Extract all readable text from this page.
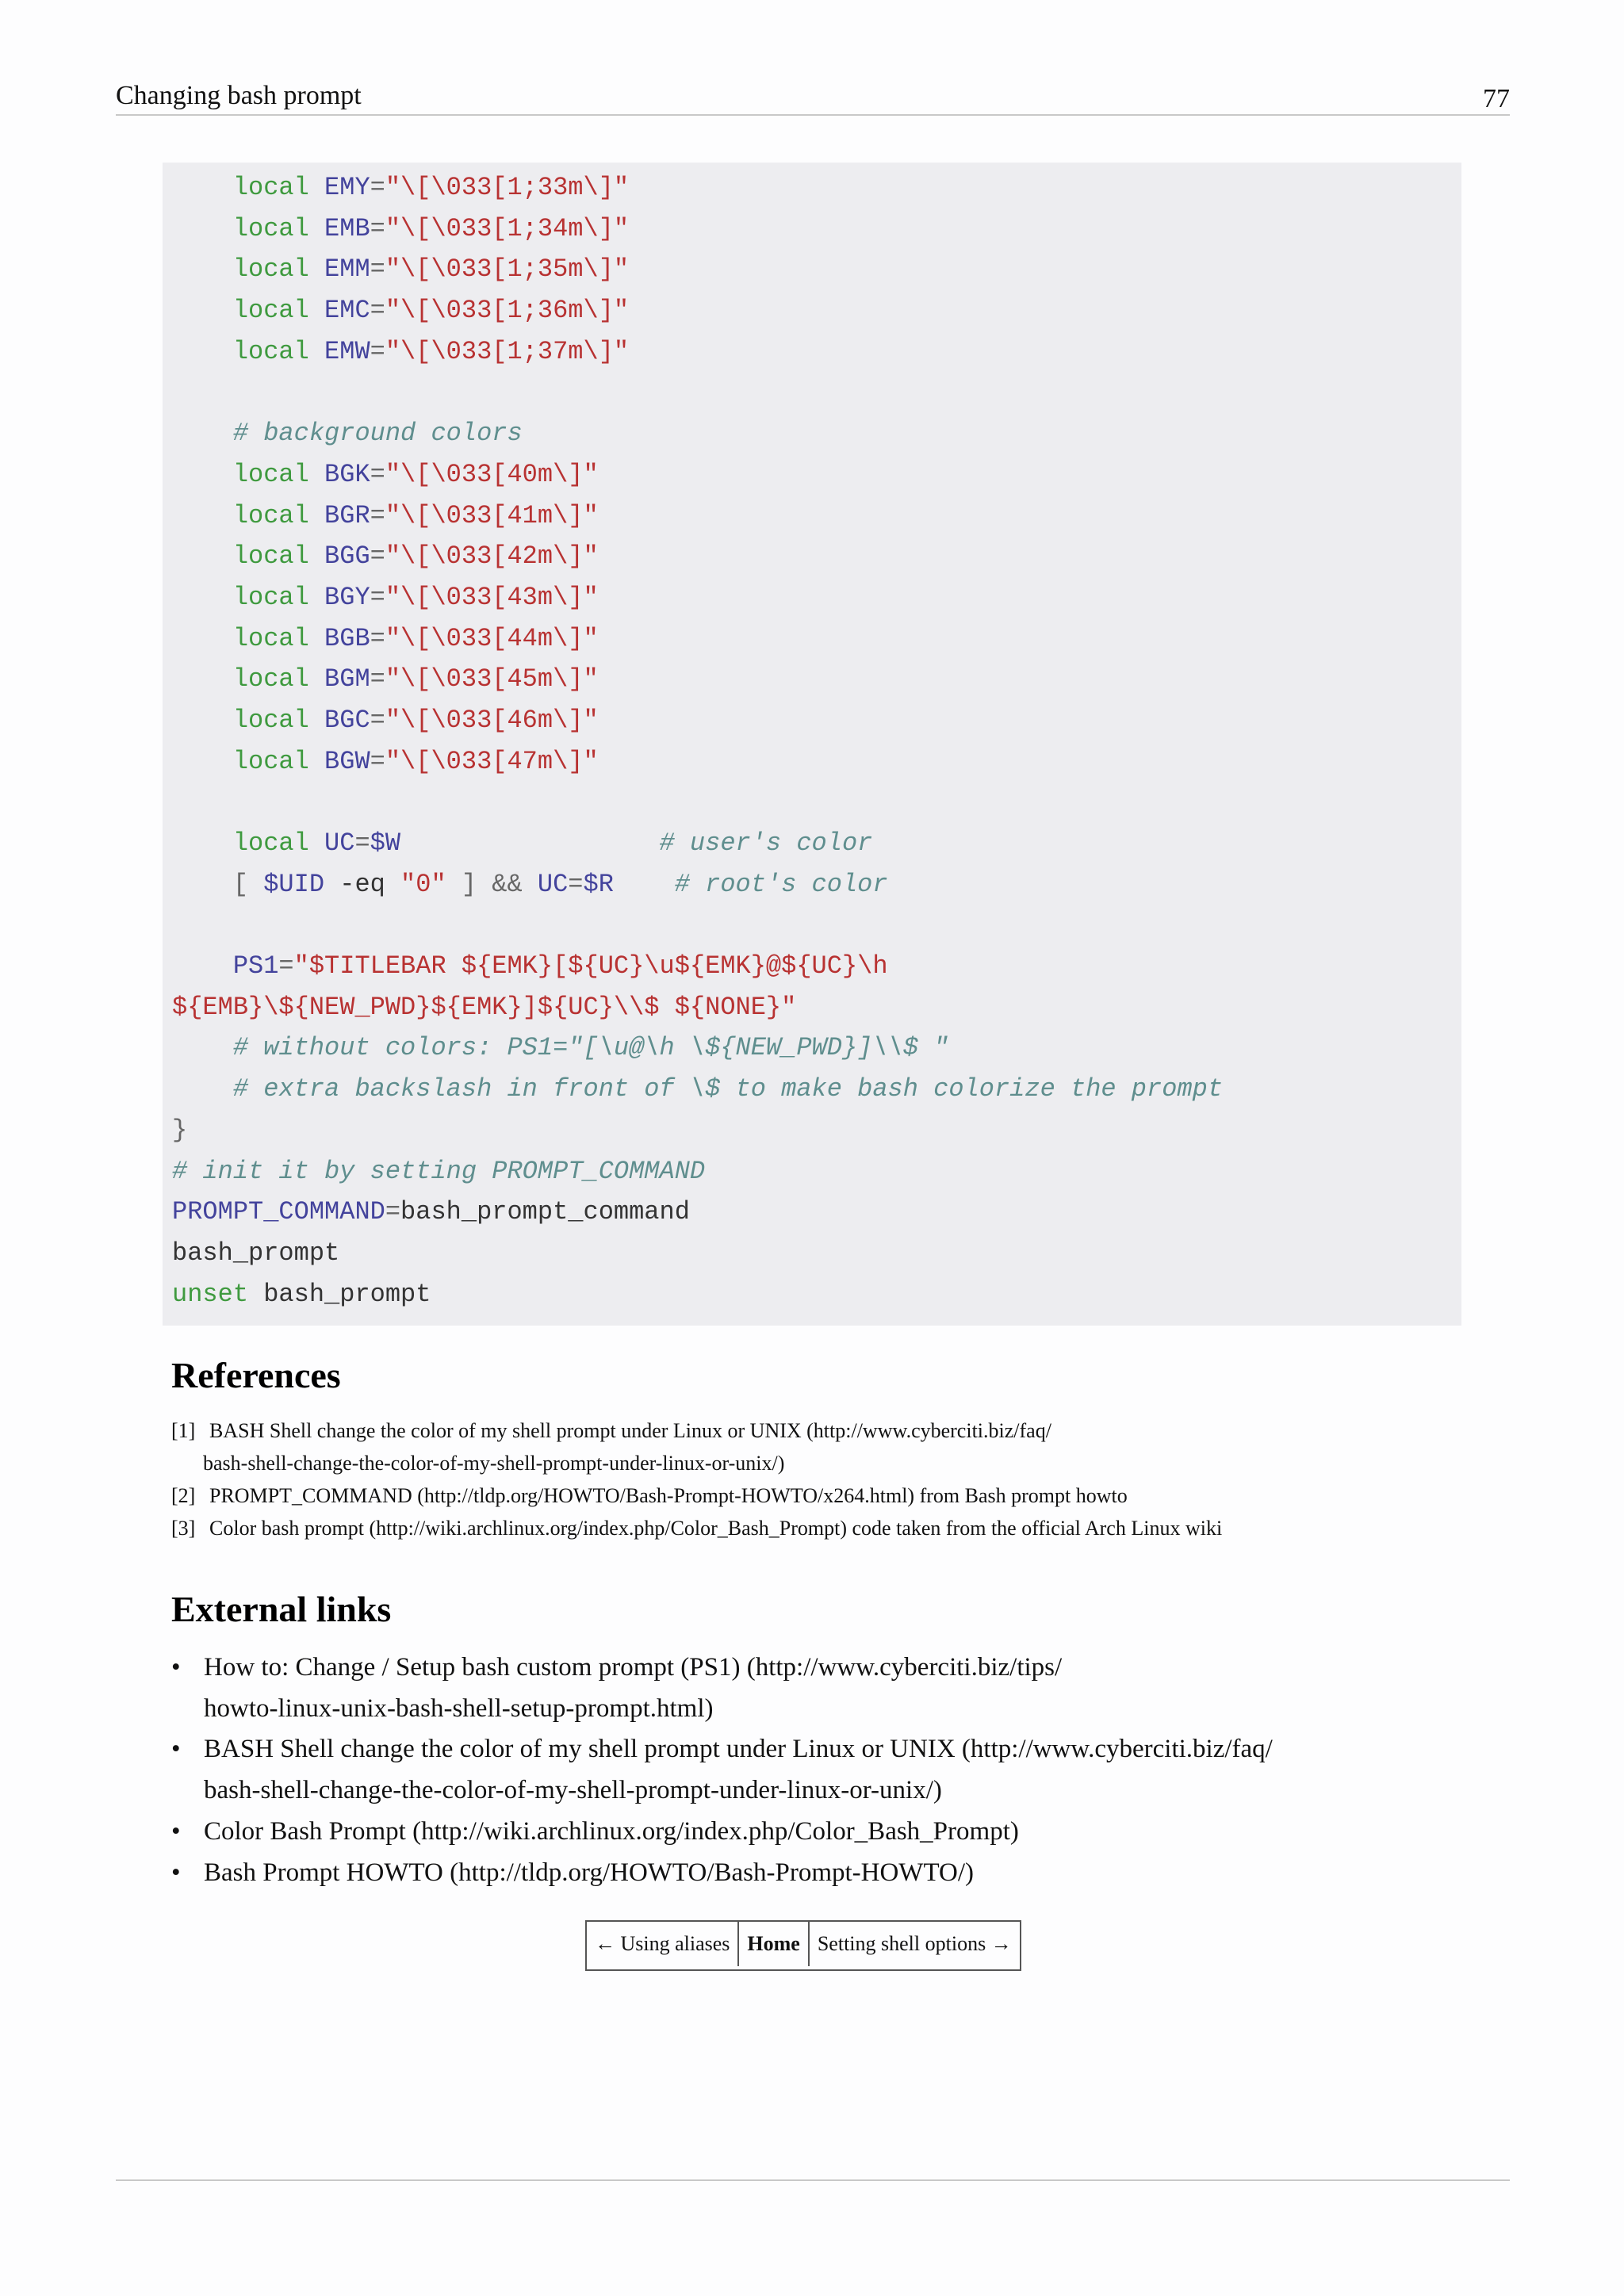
Changing bash prompt	77
local EMY="\[\033[1;33m\]"
local EMB="\[\033[1;34m\]"
local EMM="\[\033[1;35m\]"
local EMC="\[\033[1;36m\]"
local EMW="\[\033[1;37m\]"
# background colors
local BGK="\[\033[40m\]"
local BGR="\[\033[41m\]"
local BGG="\[\033[42m\]"
local BGY="\[\033[43m\]"
local BGB="\[\033[44m\]"
local BGM="\[\033[45m\]"
local BGC="\[\033[46m\]"
local BGW="\[\033[47m\]"
local UC=$W	# user's color
[ $UID -eq "0" ] && UC=$R # root's color
PS1="$TITLEBAR ${EMK}[${UC}\u${EMK}@${UC}\h
${EMB}\${NEW_PWD}${EMK}]${UC}\\$ ${NONE}"
# without colors: PS1="[\u@\h \${NEW_PWD}]\\$ "
# extra backslash in front of \$ to make bash colorize the prompt
}
# init it by setting PROMPT_COMMAND
PROMPT_COMMAND=bash_prompt_command
bash_prompt
unset bash_prompt
References
[1] BASH Shell change the color of my shell prompt under Linux or UNIX (http://www.cyberciti.biz/faq/
bash-shell-change-the-color-of-my-shell-prompt-under-linux-or-unix/)
[2] PROMPT_COMMAND (http://tldp.org/HOWTO/Bash-Prompt-HOWTO/x264.html) from Bash prompt howto
[3] Color bash prompt (http://wiki.archlinux.org/index.php/Color_Bash_Prompt) code taken from the official Arch Linux wiki
External links
• How to: Change / Setup bash custom prompt (PS1) (http://www.cyberciti.biz/tips/
howto-linux-unix-bash-shell-setup-prompt.html)
• BASH Shell change the color of my shell prompt under Linux or UNIX (http://www.cyberciti.biz/faq/
bash-shell-change-the-color-of-my-shell-prompt-under-linux-or-unix/)
• Color Bash Prompt (http://wiki.archlinux.org/index.php/Color_Bash_Prompt)
• Bash Prompt HOWTO (http://tldp.org/HOWTO/Bash-Prompt-HOWTO/)
← Using aliases Home Setting shell options →
